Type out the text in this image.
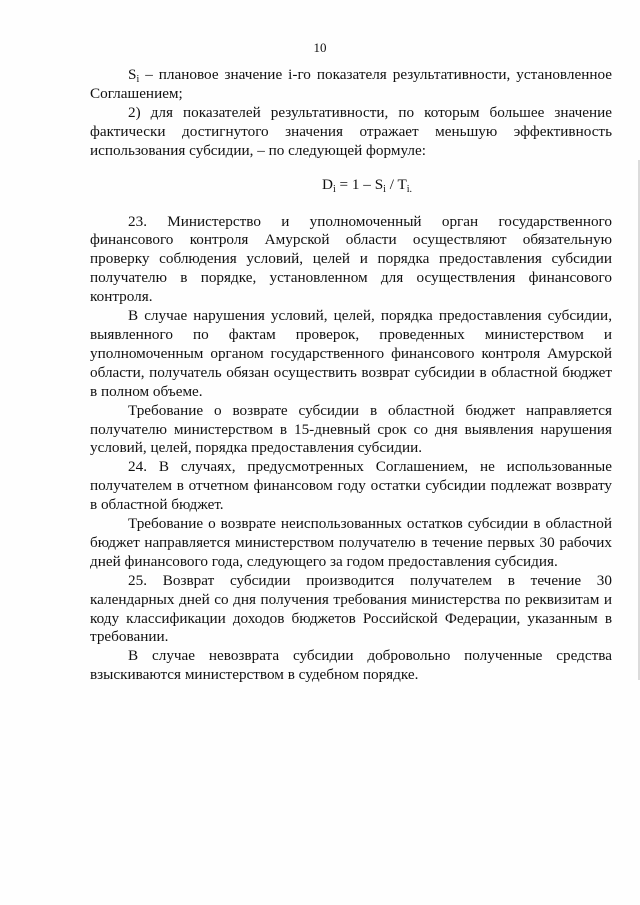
10

$S_i$ – плановое значение i-го показателя результативности, установленное Соглашением;

2) для показателей результативности, по которым большее значение фактически достигнутого значения отражает меньшую эффективность использования субсидии, – по следующей формуле:

$D_i = 1 - S_i / T_{i.}$

23. Министерство и уполномоченный орган государственного финансового контроля Амурской области осуществляют обязательную проверку соблюдения условий, целей и порядка предоставления субсидии получателю в порядке, установленном для осуществления финансового контроля.

В случае нарушения условий, целей, порядка предоставления субсидии, выявленного по фактам проверок, проведенных министерством и уполномоченным органом государственного финансового контроля Амурской области, получатель обязан осуществить возврат субсидии в областной бюджет в полном объеме.

Требование о возврате субсидии в областной бюджет направляется получателю министерством в 15-дневный срок со дня выявления нарушения условий, целей, порядка предоставления субсидии.

24. В случаях, предусмотренных Соглашением, не использованные получателем в отчетном финансовом году остатки субсидии подлежат возврату в областной бюджет.

Требование о возврате неиспользованных остатков субсидии в областной бюджет направляется министерством получателю в течение первых 30 рабочих дней финансового года, следующего за годом предоставления субсидия.

25. Возврат субсидии производится получателем в течение 30 календарных дней со дня получения требования министерства по реквизитам и коду классификации доходов бюджетов Российской Федерации, указанным в требовании.

В случае невозврата субсидии добровольно полученные средства взыскиваются министерством в судебном порядке.
